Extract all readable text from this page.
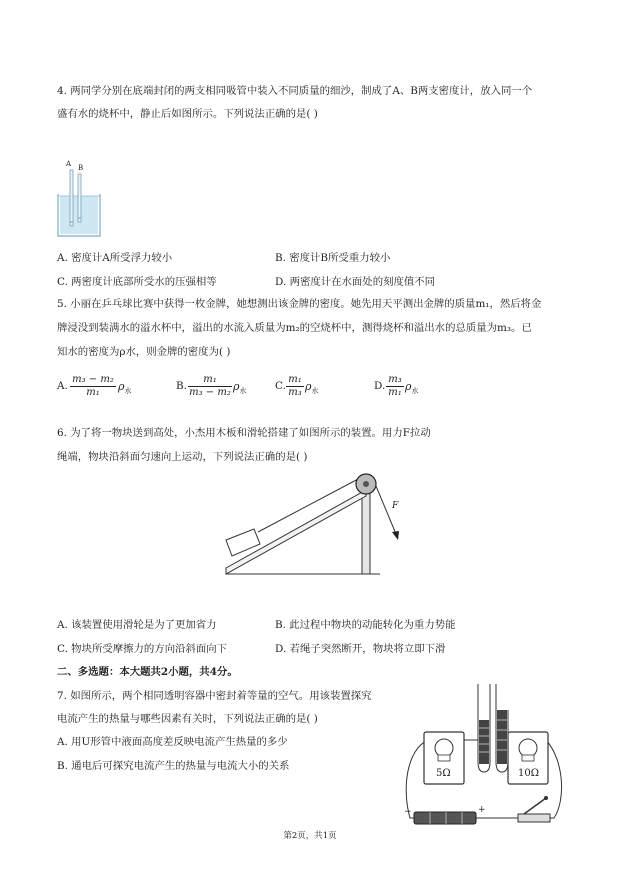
4. 两同学分别在底端封闭的两支相同吸管中装入不同质量的细沙，制成了A、B两支密度计，放入同一个
盛有水的烧杯中，静止后如图所示。下列说法正确的是( )
A B
A. 密度计A所受浮力较小	B. 密度计B所受重力较小
C. 两密度计底部所受水的压强相等	D. 两密度计在水面处的刻度值不同
5. 小丽在乒乓球比赛中获得一枚金牌，她想测出该金牌的密度。她先用天平测出金牌的质量m₁，然后将金
牌浸没到装满水的溢水杯中，溢出的水流入质量为m₂的空烧杯中，测得烧杯和溢出水的总质量为m₃。已
知水的密度为ρ水，则金牌的密度为( )
A. $\frac{\text{m₃ − m₂}}{\text{m₁}} \rho_水$	B. $\frac{\text{m₁}}{\text{m₃ − m₂}} \rho_水$	C. $\frac{\text{m₁}}{\text{m₃}} \rho_水$	D. $\frac{\text{m₃}}{\text{m₁}} \rho_水$
6. 为了将一物块送到高处，小杰用木板和滑轮搭建了如图所示的装置。用力F拉动
绳端，物块沿斜面匀速向上运动，下列说法正确的是( )
F
A. 该装置使用滑轮是为了更加省力	B. 此过程中物块的动能转化为重力势能
C. 物块所受摩擦力的方向沿斜面向下	D. 若绳子突然断开，物块将立即下滑
二、多选题：本大题共2小题，共4分。
7. 如图所示，两个相同透明容器中密封着等量的空气。用该装置探究
电流产生的热量与哪些因素有关时，下列说法正确的是( )
A. 用U形管中液面高度差反映电流产生热量的多少
B. 通电后可探究电流产生的热量与电流大小的关系
5Ω	10Ω
−	+
第2页，共1页
